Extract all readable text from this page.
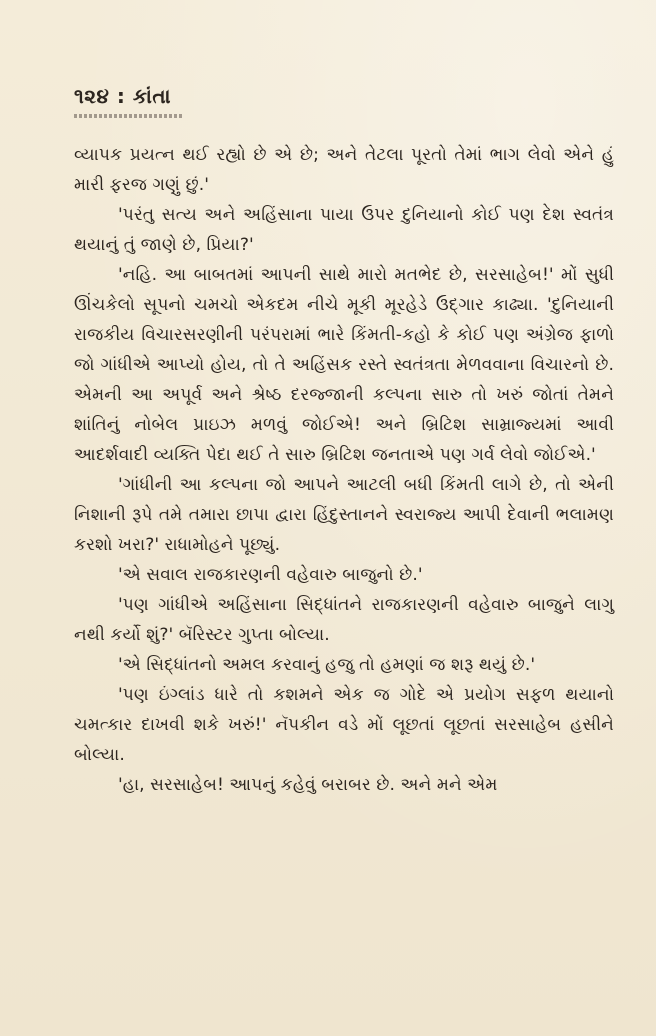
૧૨૪ : કાંતા

વ્યાપક પ્રયત્ન થઈ રહ્યો છે એ છે; અને તેટલા પૂરતો તેમાં ભાગ લેવો એને હું મારી ફરજ ગણું છું.'

'પરંતુ સત્ય અને અહિંસાના પાયા ઉપર દુનિયાનો કોઈ પણ દેશ સ્વતંત્ર થયાનું તું જાણે છે, પ્રિયા?'

'નહિ. આ બાબતમાં આપની સાથે મારો મતભેદ છે, સરસાહેબ!' મોં સુધી ઊંચકેલો સૂપનો ચમચો એકદમ નીચે મૂકી મૂરહેડે ઉદ્ગાર કાઢ્યા. 'દુનિયાની રાજકીય વિચારસરણીની પરંપરામાં ભારે કિંમતી-કહો કે કોઈ પણ અંગ્રેજ ફાળો જો ગાંધીએ આપ્યો હોય, તો તે અહિંસક રસ્તે સ્વતંત્રતા મેળવવાના વિચારનો છે. એમની આ અપૂર્વ અને શ્રેષ્ઠ દરજ્જાની કલ્પના સારુ તો ખરું જોતાં તેમને શાંતિનું નોબેલ પ્રાઇઝ મળવું જોઈએ! અને બ્રિટિશ સામ્રાજ્યમાં આવી આદર્શવાદી વ્યક્તિ પેદા થઈ તે સારુ બ્રિટિશ જનતાએ પણ ગર્વ લેવો જોઈએ.'

'ગાંધીની આ કલ્પના જો આપને આટલી બધી કિંમતી લાગે છે, તો એની નિશાની રૂપે તમે તમારા છાપા દ્વારા હિંદુસ્તાનને સ્વરાજ્ય આપી દેવાની ભલામણ કરશો ખરા?' રાધામોહને પૂછ્યું.

'એ સવાલ રાજકારણની વહેવારુ બાજુનો છે.'

'પણ ગાંધીએ અહિંસાના સિદ્ધાંતને રાજકારણની વહેવારુ બાજુને લાગુ નથી કર્યો શું?' બૅરિસ્ટર ગુપ્તા બોલ્યા.

'એ સિદ્ધાંતનો અમલ કરવાનું હજુ તો હમણાં જ શરૂ થયું છે.'

'પણ ઇંગ્લાંડ ધારે તો કશમને એક જ ગોદે એ પ્રયોગ સફળ થયાનો ચમત્કાર દાખવી શકે ખરું!' નૅપકીન વડે મોં લૂછતાં લૂછતાં સરસાહેબ હસીને બોલ્યા.

'હા, સરસાહેબ! આપનું કહેવું બરાબર છે. અને મને એમ
